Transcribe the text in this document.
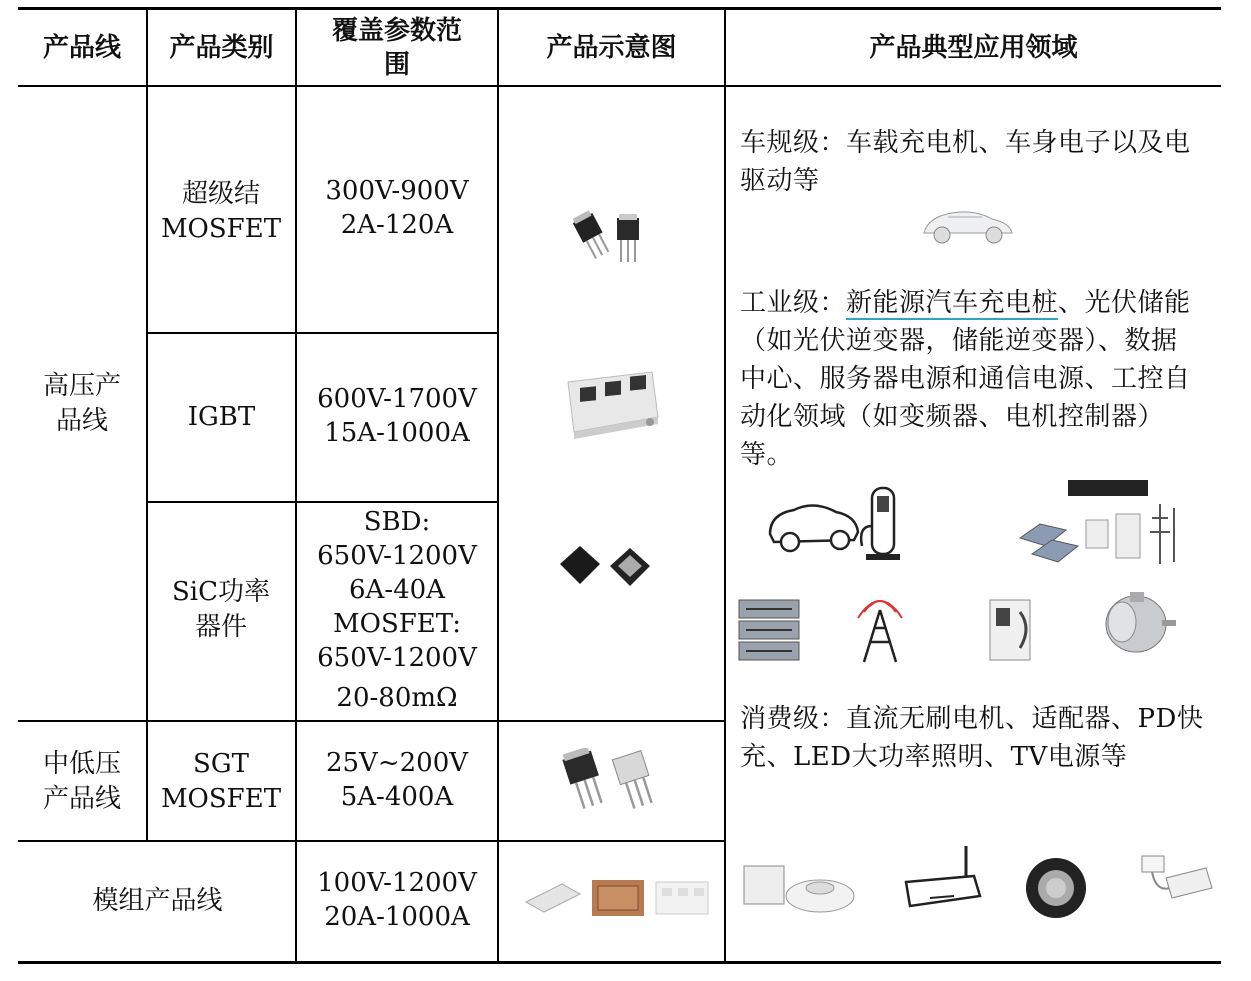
产品线	产品类别
覆盖参数范围
产品示意图	产品典型应用领域
高压产品线
中低压产品线
模组产品线
超级结 MOSFET
IGBT
SiC功率器件
SGT MOSFET
300V-900V
2A-120A
600V-1700V
15A-1000A
SBD:
650V-1200V
6A-40A
MOSFET:
650V-1200V
20-80mΩ
25V~200V
5A-400A
100V-1200V
20A-1000A
车规级：车载充电机、车身电子以及电驱动等
工业级：新能源汽车充电桩、光伏储能（如光伏逆变器，储能逆变器）、数据中心、服务器电源和通信电源、工控自动化领域（如变频器、电机控制器）等。
消费级：直流无刷电机、适配器、PD快充、LED大功率照明、TV电源等
